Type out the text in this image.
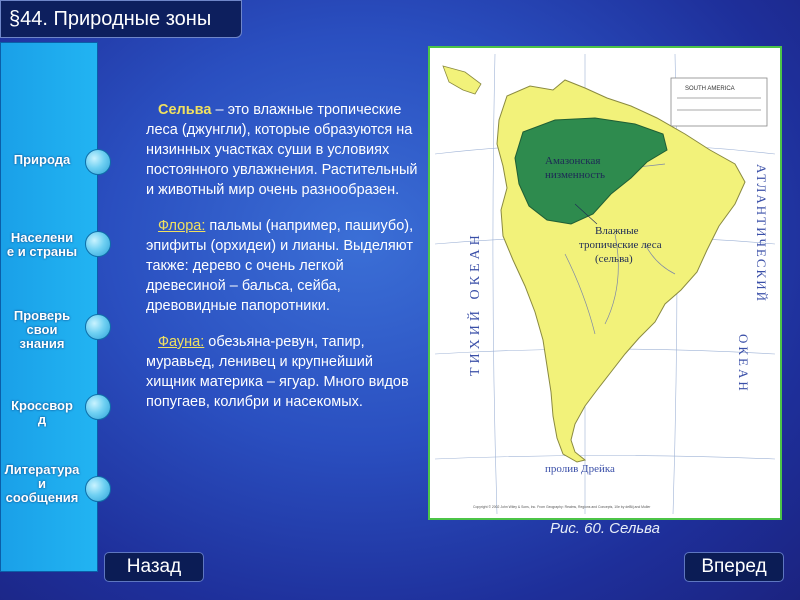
§44. Природные зоны
Природа
Населени
е и страны
Проверь
свои
знания
Кроссвор
д
Литература
и
сообщения

Сельва – это влажные тропические леса (джунгли), которые образуются на низинных участках суши в условиях постоянного увлажнения. Растительный и животный мир очень разнообразен.

Флора: пальмы (например, пашиубо), эпифиты (орхидеи) и лианы. Выделяют также: дерево с очень легкой древесиной – бальса, сейба, древовидные папоротники.

Фауна: обезьяна-ревун, тапир, муравьед, ленивец и крупнейший хищник материка – ягуар. Много видов попугаев, колибри и насекомых.

SOUTH AMERICA
Амазонская
низменность
Влажные
тропические леса
(сельва)
ТИХИЙ ОКЕАН	АТЛАНТИЧЕСКИЙ
ОКЕАН
пролив Дрейка
Copyright © 2002 John Wiley & Sons, Inc. From Geography: Realms, Regions and Concepts, 10e by deBlij and Muller
Рис. 60. Сельва
Назад	Вперед
